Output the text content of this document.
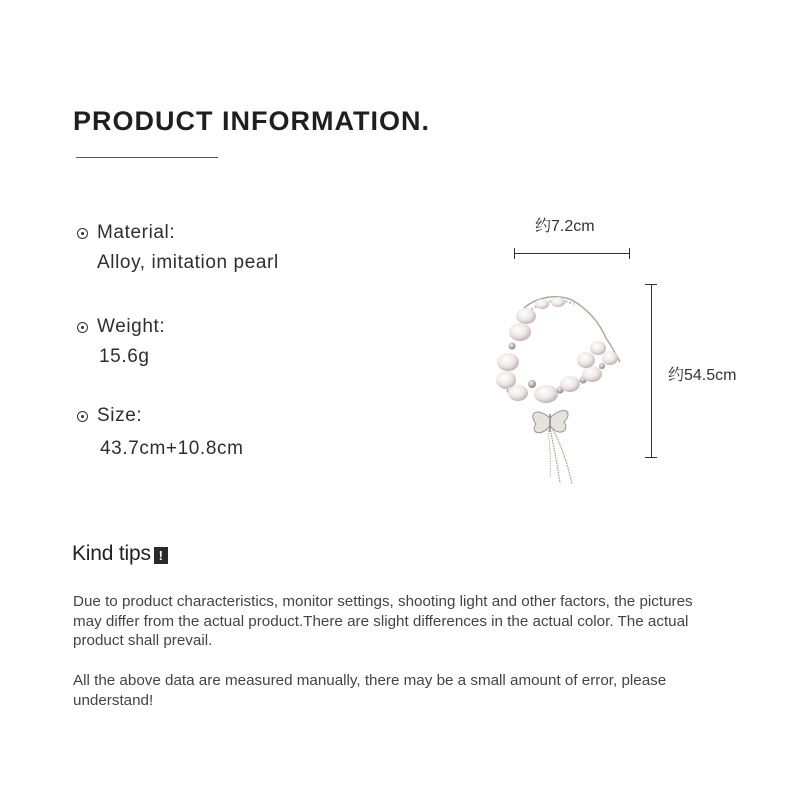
PRODUCT INFORMATION.
Material:
Alloy, imitation pearl
Weight:
15.6g
Size:
43.7cm+10.8cm
约7.2cm
约54.5cm
Kind tips !
Due to product characteristics, monitor settings, shooting light and other factors, the pictures may differ from the actual product.There are slight differences in the actual color. The actual product shall prevail.
All the above data are measured manually, there may be a small amount of error, please understand!
